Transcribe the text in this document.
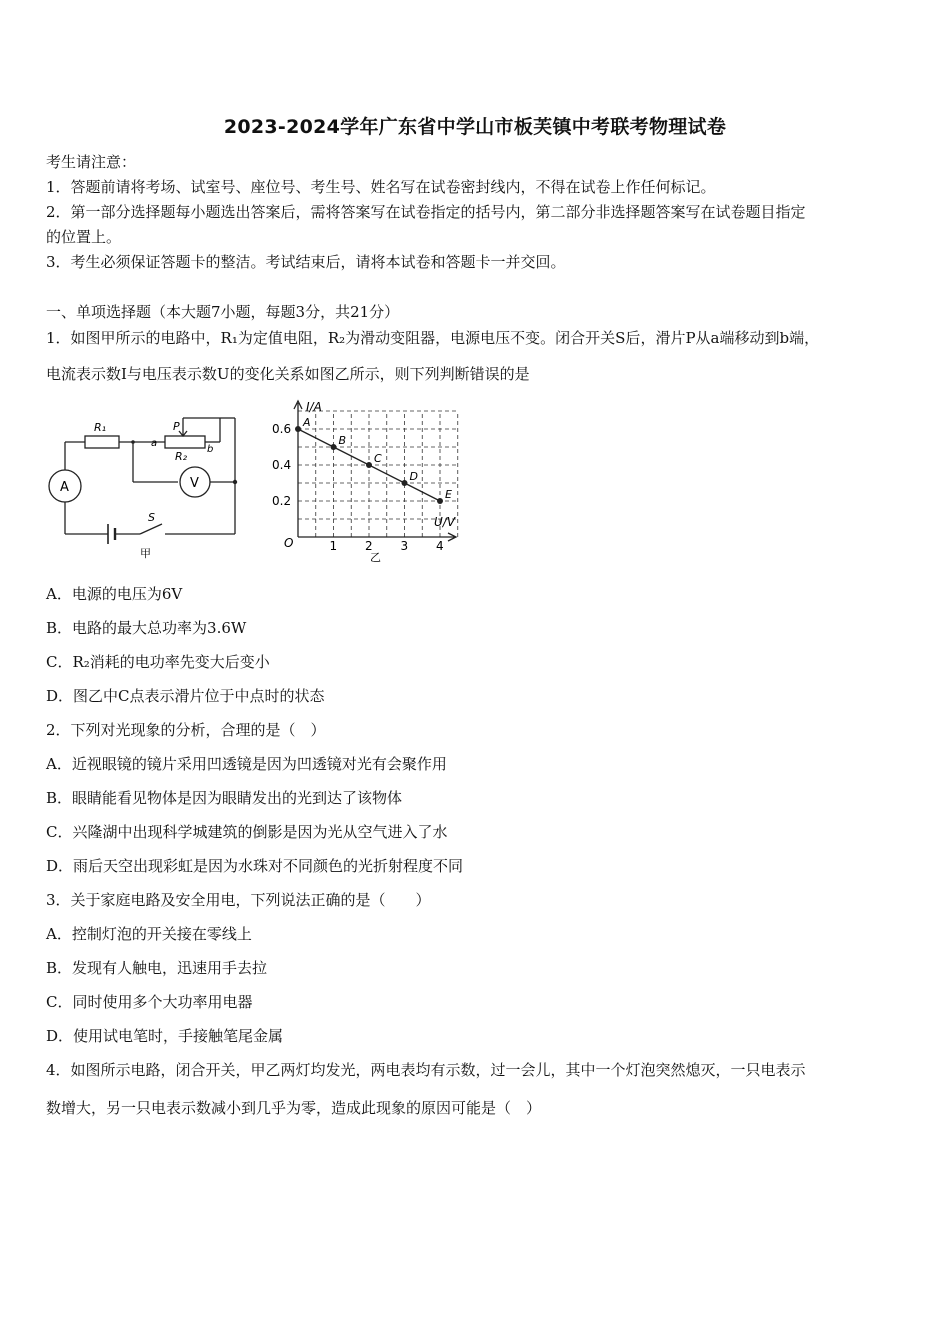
2023-2024学年广东省中学山市板芙镇中考联考物理试卷
考生请注意：
1．答题前请将考场、试室号、座位号、考生号、姓名写在试卷密封线内，不得在试卷上作任何标记。
2．第一部分选择题每小题选出答案后，需将答案写在试卷指定的括号内，第二部分非选择题答案写在试卷题目指定
的位置上。
3．考生必须保证答题卡的整洁。考试结束后，请将本试卷和答题卡一并交回。
一、单项选择题（本大题7小题，每题3分，共21分）
1．如图甲所示的电路中，R₁为定值电阻，R₂为滑动变阻器，电源电压不变。闭合开关S后，滑片P从a端移动到b端，
电流表示数I与电压表示数U的变化关系如图乙所示，则下列判断错误的是
R₁	P
R₂
a
b
A	V
S
甲
1 2 3 4
0.2
0.4
0.6 A
B
C
D
E
I/A
U/V
O
乙
A．电源的电压为6V
B．电路的最大总功率为3.6W
C．R₂消耗的电功率先变大后变小
D．图乙中C点表示滑片位于中点时的状态
2．下列对光现象的分析，合理的是（　）
A．近视眼镜的镜片采用凹透镜是因为凹透镜对光有会聚作用
B．眼睛能看见物体是因为眼睛发出的光到达了该物体
C．兴隆湖中出现科学城建筑的倒影是因为光从空气进入了水
D．雨后天空出现彩虹是因为水珠对不同颜色的光折射程度不同
3．关于家庭电路及安全用电，下列说法正确的是（　　）
A．控制灯泡的开关接在零线上
B．发现有人触电，迅速用手去拉
C．同时使用多个大功率用电器
D．使用试电笔时，手接触笔尾金属
4．如图所示电路，闭合开关，甲乙两灯均发光，两电表均有示数，过一会儿，其中一个灯泡突然熄灭，一只电表示
数增大，另一只电表示数减小到几乎为零，造成此现象的原因可能是（　）
